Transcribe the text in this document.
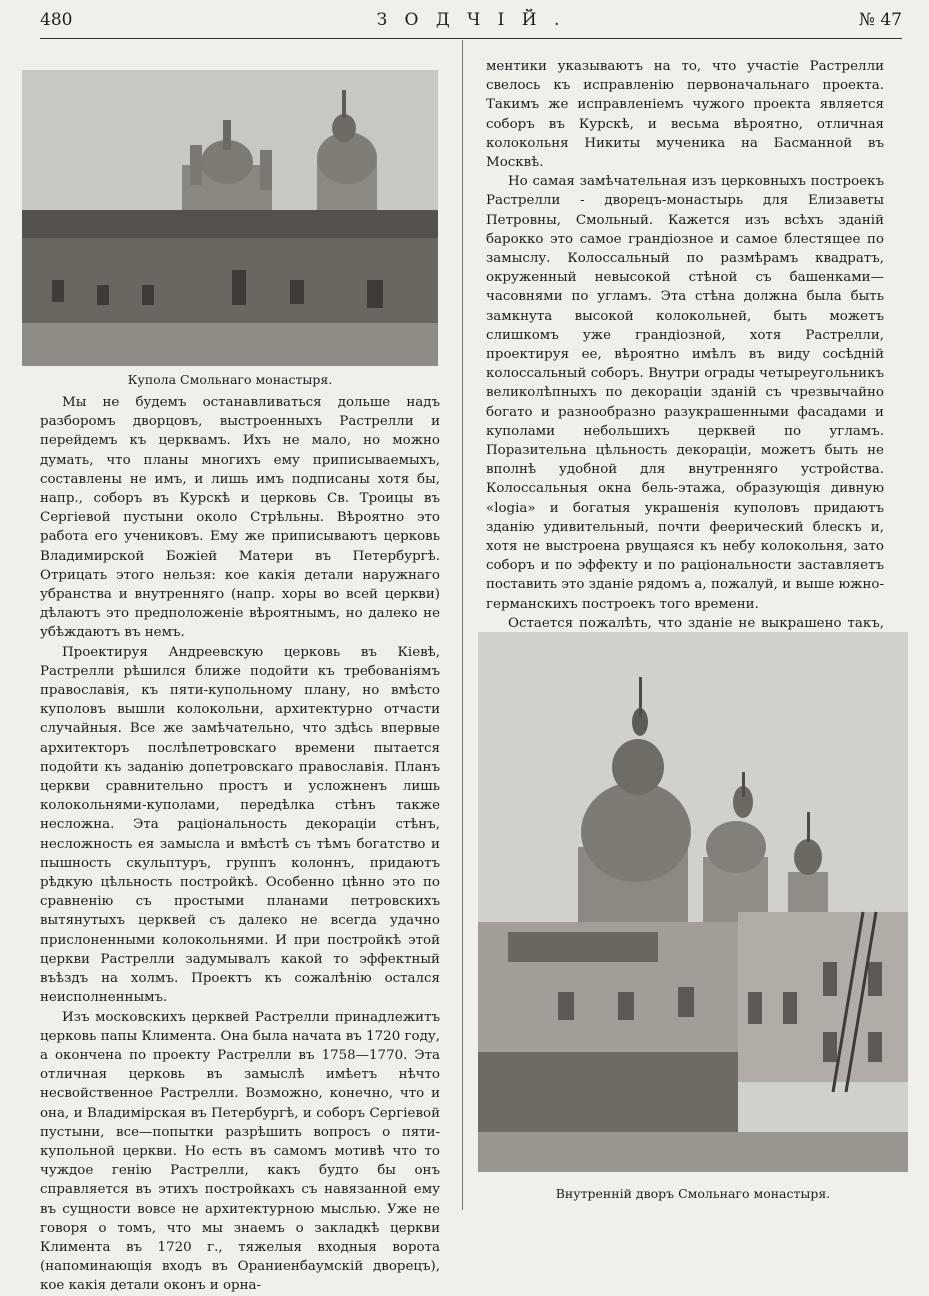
480	З О Д Ч I Й .	№ 47
Купола Смольнаго монастыря.

Мы не будемъ останавливаться дольше надъ разборомъ дворцовъ, выстроенныхъ Растрелли и перейдемъ къ церквамъ. Ихъ не мало, но можно думать, что планы многихъ ему приписываемыхъ, составлены не имъ, и лишь имъ подписаны хотя бы, напр., соборъ въ Курскѣ и церковь Св. Троицы въ Сергiевой пустыни около Стрѣльны. Вѣроятно это работа его учениковъ. Ему же приписываютъ церковь Владимирской Божiей Матери въ Петербургѣ. Отрицать этого нельзя: кое какiя детали наружнаго убранства и внутренняго (напр. хоры во всей церкви) дѣлаютъ это предположенiе вѣроятнымъ, но далеко не убѣждаютъ въ немъ.

Проектируя Андреевскую церковь въ Кiевѣ, Растрелли рѣшился ближе подойти къ требованiямъ православiя, къ пяти-купольному плану, но вмѣсто куполовъ вышли колокольни, архитектурно отчасти случайныя. Все же замѣчательно, что здѣсь впервые архитекторъ послѣпетровскаго времени пытается подойти къ заданiю допетровскаго православiя. Планъ церкви сравнительно простъ и усложненъ лишь колокольнями-куполами, передѣлка стѣнъ также несложна. Эта рацiональность декорацiи стѣнъ, несложность ея замысла и вмѣстѣ съ тѣмъ богатство и пышность скульптуръ, группъ колоннъ, придаютъ рѣдкую цѣльность постройкѣ. Особенно цѣнно это по сравненiю съ простыми планами петровскихъ вытянутыхъ церквей съ далеко не всегда удачно прислоненными колокольнями. И при постройкѣ этой церкви Растрелли задумывалъ какой то эффектный въѣздъ на холмъ. Проектъ къ сожалѣнiю остался неисполненнымъ.

Изъ московскихъ церквей Растрелли принадлежитъ церковь папы Климента. Она была начата въ 1720 году, а окончена по проекту Растрелли въ 1758—1770. Эта отличная церковь въ замыслѣ имѣетъ нѣчто несвойственное Растрелли. Возможно, конечно, что и она, и Владимiрская въ Петербургѣ, и соборъ Сергiевой пустыни, все—попытки разрѣшить вопросъ о пяти-купольной церкви. Но есть въ самомъ мотивѣ что то чуждое генiю Растрелли, какъ будто бы онъ справляется въ этихъ постройкахъ съ навязанной ему въ сущности вовсе не архитектурною мыслью. Уже не говоря о томъ, что мы знаемъ о закладкѣ церкви Климента въ 1720 г., тяжелыя входныя ворота (напоминающiя входъ въ Ораниенбаумскiй дворецъ), кое какiя детали оконъ и орна-

ментики указываютъ на то, что участiе Растрелли свелось къ исправленiю первоначальнаго проекта. Такимъ же исправленiемъ чужого проекта является соборъ въ Курскѣ, и весьма вѣроятно, отличная колокольня Никиты мученика на Басманной въ Москвѣ.

Но самая замѣчательная изъ церковныхъ построекъ Растрелли - дворецъ-монастырь для Елизаветы Петровны, Смольный. Кажется изъ всѣхъ зданiй барокко это самое грандiозное и самое блестящее по замыслу. Колоссальный по размѣрамъ квадратъ, окруженный невысокой стѣной съ башенками—часовнями по угламъ. Эта стѣна должна была быть замкнута высокой колокольней, быть можетъ слишкомъ уже грандiозной, хотя Растрелли, проектируя ее, вѣроятно имѣлъ въ виду сосѣднiй колоссальный соборъ. Внутри ограды четыреугольникъ великолѣпныхъ по декорацiи зданiй съ чрезвычайно богато и разнообразно разукрашенными фасадами и куполами небольшихъ церквей по угламъ. Поразительна цѣльность декорацiи, можетъ быть не вполнѣ удобной для внутренняго устройства. Колоссальныя окна бель-этажа, образующiя дивную «logia» и богатыя украшенiя куполовъ придаютъ зданiю удивительный, почти феерический блескъ и, хотя не выстроена рвущаяся къ небу колокольня, зато соборъ и по эффекту и по рацiональности заставляетъ поставить это зданiе рядомъ а, пожалуй, и выше южно-германскихъ построекъ того времени.

Остается пожалѣть, что зданiе не выкрашено такъ,

Внутреннiй дворъ Смольнаго монастыря.
